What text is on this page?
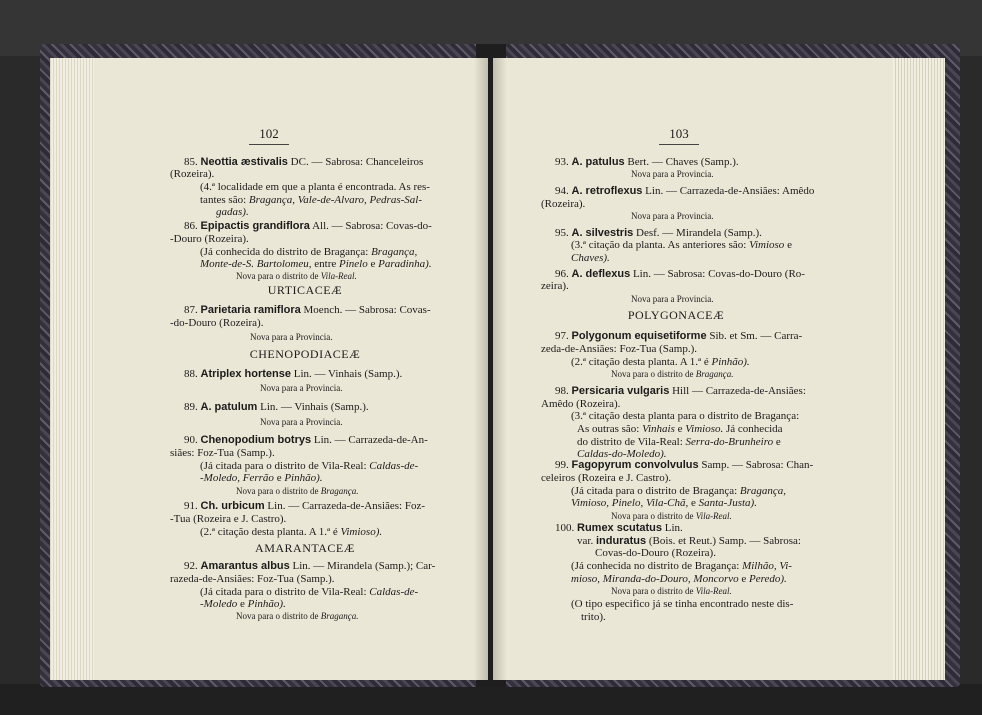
102
85. Neottia æstivalis DC. — Sabrosa: Chanceleiros
(Rozeira).
(4.ª localidade em que a planta é encontrada. As res-
tantes são: Bragança, Vale-de-Alvaro, Pedras-Sal-
gadas).
86. Epipactis grandiflora All. — Sabrosa: Covas-do-
-Douro (Rozeira).
(Já conhecida do distrito de Bragança: Bragança,
Monte-de-S. Bartolomeu, entre Pinelo e Paradinha).
Nova para o distrito de Vila-Real.
URTICACEÆ
87. Parietaria ramiflora Moench. — Sabrosa: Covas-
-do-Douro (Rozeira).
Nova para a Provincia.
CHENOPODIACEÆ
88. Atriplex hortense Lin. — Vinhais (Samp.).
Nova para a Provincia.
89. A. patulum Lin. — Vinhais (Samp.).
Nova para a Provincia.
90. Chenopodium botrys Lin. — Carrazeda-de-An-
siães: Foz-Tua (Samp.).
(Já citada para o distrito de Vila-Real: Caldas-de-
-Moledo, Ferrão e Pinhão).
Nova para o distrito de Bragança.
91. Ch. urbicum Lin. — Carrazeda-de-Ansiães: Foz-
-Tua (Rozeira e J. Castro).
(2.ª citação desta planta. A 1.ª é Vimioso).
AMARANTACEÆ
92. Amarantus albus Lin. — Mirandela (Samp.); Car-
razeda-de-Ansiães: Foz-Tua (Samp.).
(Já citada para o distrito de Vila-Real: Caldas-de-
-Moledo e Pinhão).
Nova para o distrito de Bragança.
103
93. A. patulus Bert. — Chaves (Samp.).
Nova para a Provincia.
94. A. retroflexus Lin. — Carrazeda-de-Ansiães: Amêdo
(Rozeira).
Nova para a Provincia.
95. A. silvestris Desf. — Mirandela (Samp.).
(3.ª citação da planta. As anteriores são: Vimioso e
Chaves).
96. A. deflexus Lin. — Sabrosa: Covas-do-Douro (Ro-
zeira).
Nova para a Provincia.
POLYGONACEÆ
97. Polygonum equisetiforme Sib. et Sm. — Carra-
zeda-de-Ansiães: Foz-Tua (Samp.).
(2.ª citação desta planta. A 1.ª é Pinhão).
Nova para o distrito de Bragança.
98. Persicaria vulgaris Hill — Carrazeda-de-Ansiães:
Amêdo (Rozeira).
(3.ª citação desta planta para o distrito de Bragança:
As outras são: Vinhais e Vimioso. Já conhecida
do distrito de Vila-Real: Serra-do-Brunheiro e
Caldas-do-Moledo).
99. Fagopyrum convolvulus Samp. — Sabrosa: Chan-
celeiros (Rozeira e J. Castro).
(Já citada para o distrito de Bragança: Bragança,
Vimioso, Pinelo, Vila-Chã, e Santa-Justa).
Nova para o distrito de Vila-Real.
100. Rumex scutatus Lin.
var. induratus (Bois. et Reut.) Samp. — Sabrosa:
Covas-do-Douro (Rozeira).
(Já conhecida no distrito de Bragança: Milhão, Vi-
mioso, Miranda-do-Douro, Moncorvo e Peredo).
Nova para o distrito de Vila-Real.
(O tipo especifico já se tinha encontrado neste dis-
trito).
